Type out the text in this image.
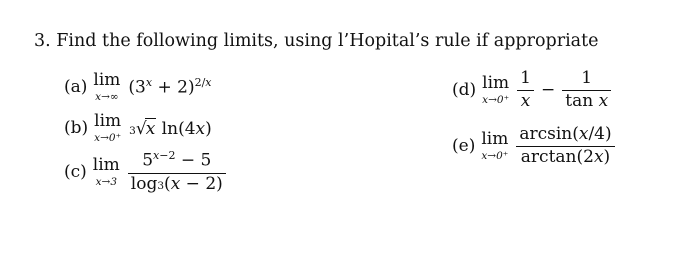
3. Find the following limits, using l’Hopital’s rule if appropriate
(a) lim
x→∞ $(3^x + 2)^{2/x}$
(b) lim
x→0⁺
3√x ln(4x)
(c) lim
$x\to 3 \frac{5^{x-2} - 5}{\log 3(x - 2)}$
(d) lim
$x\to 0^+ \frac{1}{x} - \frac{1}{\text{tan x}}$
(e) lim
$x\to 0^+ \frac{\arcsin(x/4)}{\arctan(2x)}$
